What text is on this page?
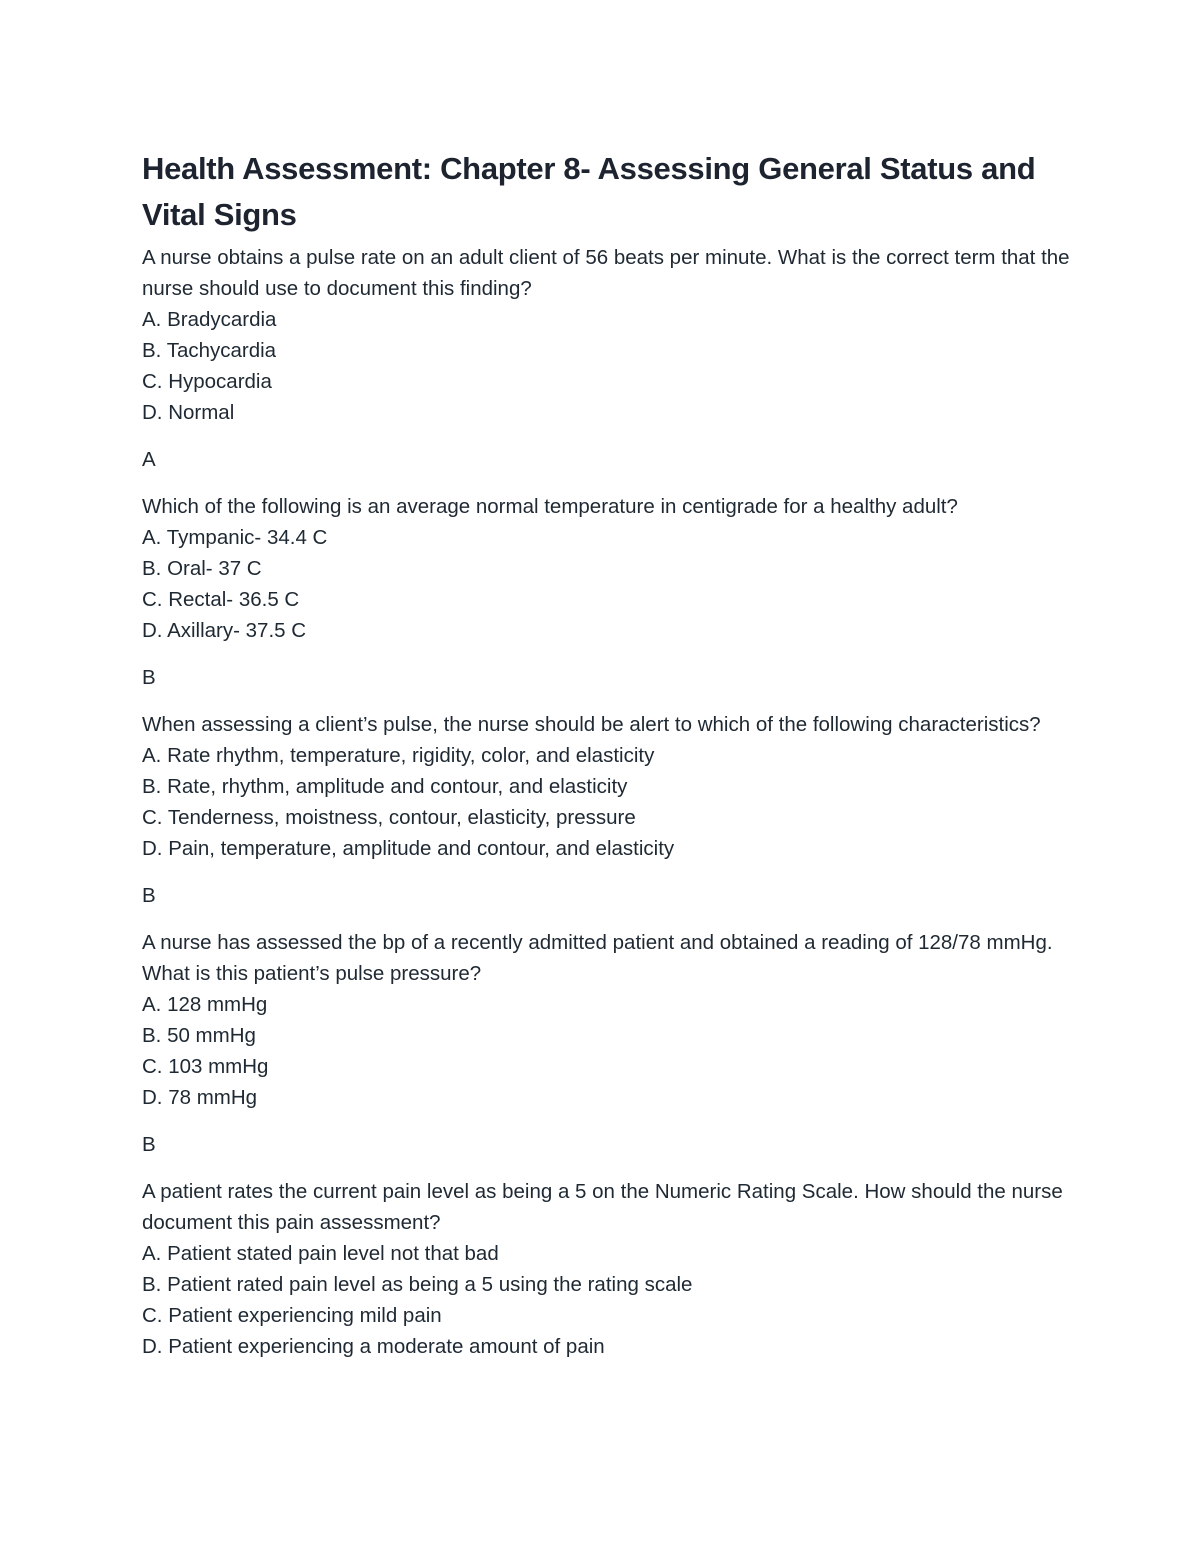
Health Assessment: Chapter 8- Assessing General Status and Vital Signs

A nurse obtains a pulse rate on an adult client of 56 beats per minute. What is the correct term that the nurse should use to document this finding?

A. Bradycardia
B. Tachycardia
C. Hypocardia
D. Normal

A

Which of the following is an average normal temperature in centigrade for a healthy adult?

A. Tympanic- 34.4 C
B. Oral- 37 C
C. Rectal- 36.5 C
D. Axillary- 37.5 C

B

When assessing a client’s pulse, the nurse should be alert to which of the following characteristics?

A. Rate rhythm, temperature, rigidity, color, and elasticity
B. Rate, rhythm, amplitude and contour, and elasticity
C. Tenderness, moistness, contour, elasticity, pressure
D. Pain, temperature, amplitude and contour, and elasticity

B

A nurse has assessed the bp of a recently admitted patient and obtained a reading of 128/78 mmHg. What is this patient’s pulse pressure?

A. 128 mmHg
B. 50 mmHg
C. 103 mmHg
D. 78 mmHg

B

A patient rates the current pain level as being a 5 on the Numeric Rating Scale. How should the nurse document this pain assessment?

A. Patient stated pain level not that bad
B. Patient rated pain level as being a 5 using the rating scale
C. Patient experiencing mild pain
D. Patient experiencing a moderate amount of pain
